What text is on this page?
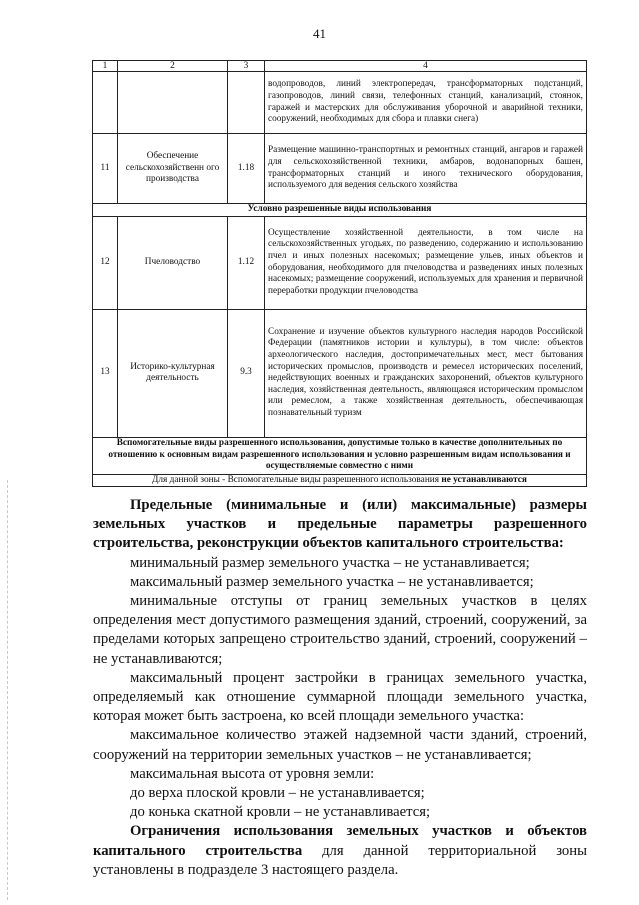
41
1	2	3	4
			водопроводов, линий электропередач, трансформаторных подстанций, газопроводов, линий связи, телефонных станций, канализаций, стоянок, гаражей и мастерских для обслуживания уборочной и аварийной техники, сооружений, необходимых для сбора и плавки снега)
11	Обеспечение сельскохозяйственн ого производства	1.18	Размещение машинно-транспортных и ремонтных станций, ангаров и гаражей для сельскохозяйственной техники, амбаров, водонапорных башен, трансформаторных станций и иного технического оборудования, используемого для ведения сельского хозяйства
Условно разрешенные виды использования			
12	Пчеловодство	1.12	Осуществление хозяйственной деятельности, в том числе на сельскохозяйственных угодьях, по разведению, содержанию и использованию пчел и иных полезных насекомых; размещение ульев, иных объектов и оборудования, необходимого для пчеловодства и разведениях иных полезных насекомых; размещение сооружений, используемых для хранения и первичной переработки продукции пчеловодства
13	Историко-культурная деятельность	9.3	Сохранение и изучение объектов культурного наследия народов Российской Федерации (памятников истории и культуры), в том числе: объектов археологического наследия, достопримечательных мест, мест бытования исторических промыслов, производств и ремесел исторических поселений, недействующих военных и гражданских захоронений, объектов культурного наследия, хозяйственная деятельность, являющаяся историческим промыслом или ремеслом, а также хозяйственная деятельность, обеспечивающая познавательный туризм
Вспомогательные виды разрешенного использования, допустимые только в качестве дополнительных по отношению к основным видам разрешенного использования и условно разрешенным видам использования и осуществляемые совместно с ними			
Для данной зоны - Вспомогательные виды разрешенного использования не устанавливаются			

Предельные (минимальные и (или) максимальные) размеры земельных участков и предельные параметры разрешенного строительства, реконструкции объектов капитального строительства:

минимальный размер земельного участка – не устанавливается;

максимальный размер земельного участка – не устанавливается;

минимальные отступы от границ земельных участков в целях определения мест допустимого размещения зданий, строений, сооружений, за пределами которых запрещено строительство зданий, строений, сооружений – не устанавливаются;

максимальный процент застройки в границах земельного участка, определяемый как отношение суммарной площади земельного участка, которая может быть застроена, ко всей площади земельного участка:

максимальное количество этажей надземной части зданий, строений, сооружений на территории земельных участков – не устанавливается;

максимальная высота от уровня земли:

до верха плоской кровли – не устанавливается;

до конька скатной кровли – не устанавливается;

Ограничения использования земельных участков и объектов капитального строительства для данной территориальной зоны установлены в подразделе 3 настоящего раздела.
